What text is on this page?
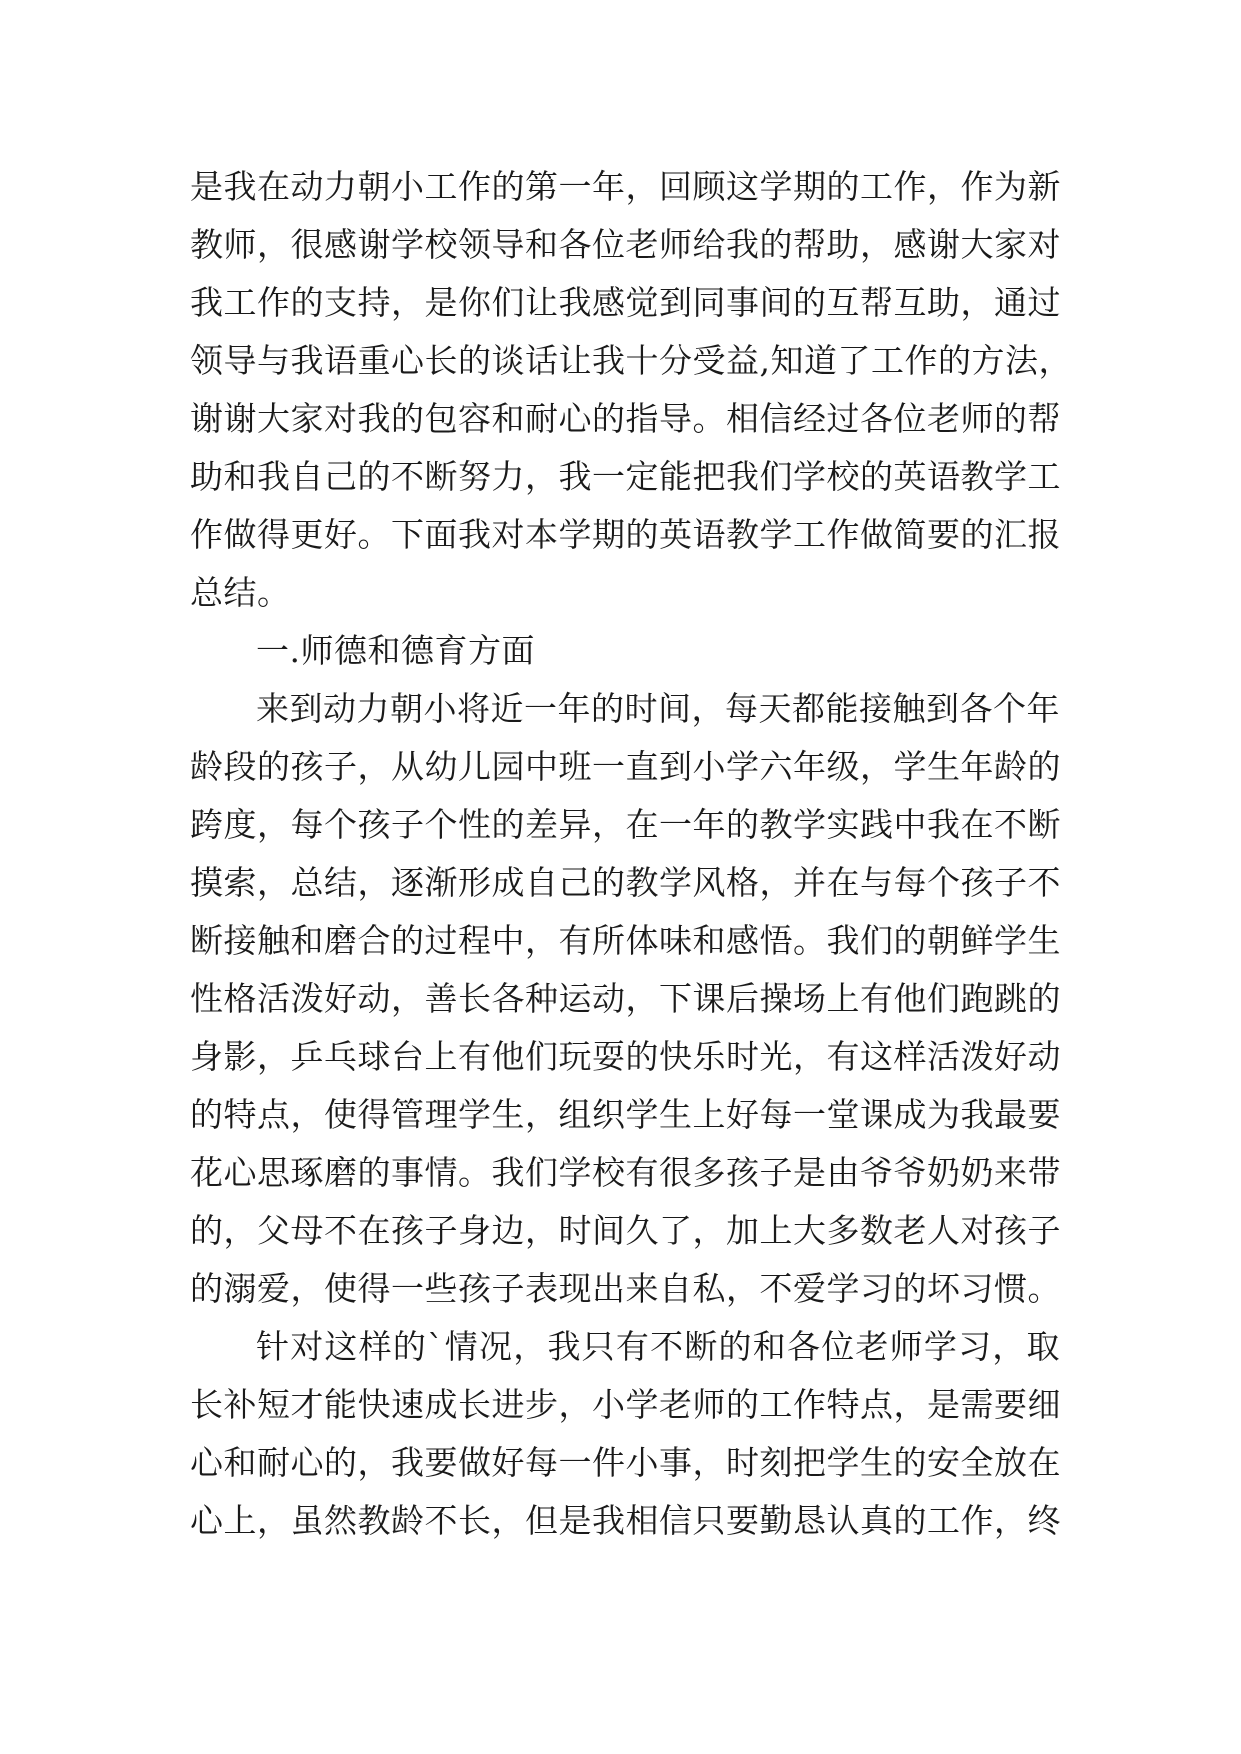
是我在动力朝小工作的第一年，回顾这学期的工作，作为新
教师，很感谢学校领导和各位老师给我的帮助，感谢大家对
我工作的支持，是你们让我感觉到同事间的互帮互助，通过
领导与我语重心长的谈话让我十分受益,知道了工作的方法，
谢谢大家对我的包容和耐心的指导。相信经过各位老师的帮
助和我自己的不断努力，我一定能把我们学校的英语教学工
作做得更好。下面我对本学期的英语教学工作做简要的汇报
总结。
一.师德和德育方面
来到动力朝小将近一年的时间，每天都能接触到各个年
龄段的孩子，从幼儿园中班一直到小学六年级，学生年龄的
跨度，每个孩子个性的差异，在一年的教学实践中我在不断
摸索，总结，逐渐形成自己的教学风格，并在与每个孩子不
断接触和磨合的过程中，有所体味和感悟。我们的朝鲜学生
性格活泼好动，善长各种运动，下课后操场上有他们跑跳的
身影，乒乓球台上有他们玩耍的快乐时光，有这样活泼好动
的特点，使得管理学生，组织学生上好每一堂课成为我最要
花心思琢磨的事情。我们学校有很多孩子是由爷爷奶奶来带
的，父母不在孩子身边，时间久了，加上大多数老人对孩子
的溺爱，使得一些孩子表现出来自私，不爱学习的坏习惯。
针对这样的`情况，我只有不断的和各位老师学习，取
长补短才能快速成长进步，小学老师的工作特点，是需要细
心和耐心的，我要做好每一件小事，时刻把学生的安全放在
心上，虽然教龄不长，但是我相信只要勤恳认真的工作，终
